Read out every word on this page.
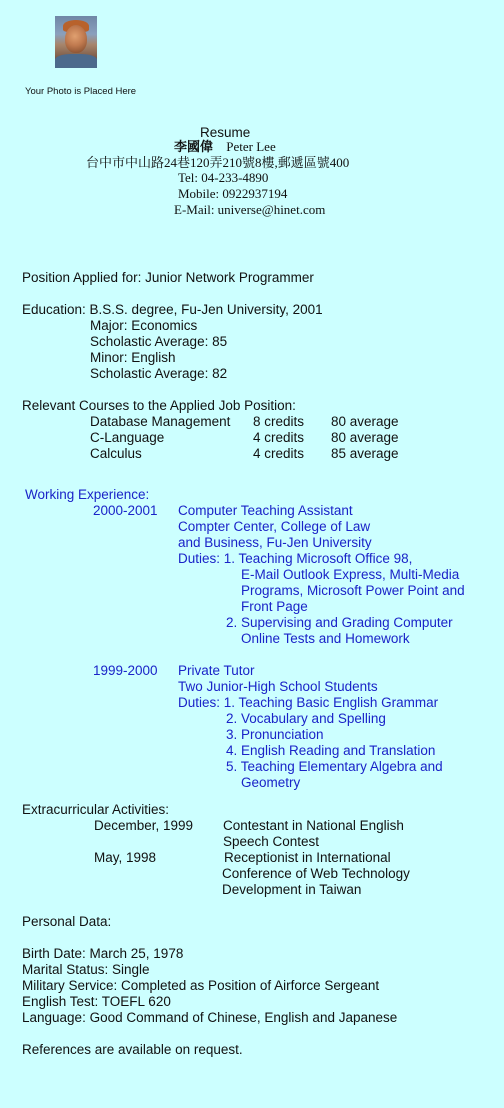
Your Photo is Placed Here
Resume
李國偉 Peter Lee
台中市中山路24巷120弄210號8樓,郵遞區號400
Tel: 04-233-4890
Mobile: 0922937194
E-Mail: universe@hinet.com
Position Applied for: Junior Network Programmer
Education: B.S.S. degree, Fu-Jen University, 2001
Major: Economics
Scholastic Average: 85
Minor: English
Scholastic Average: 82
Relevant Courses to the Applied Job Position:
Database Management 8 credits 80 average
C-Language	4 credits 80 average
Calculus	4 credits 85 average
Working Experience:
2000-2001 Computer Teaching Assistant
Compter Center, College of Law
and Business, Fu-Jen University
Duties: 1. Teaching Microsoft Office 98,
E-Mail Outlook Express, Multi-Media
Programs, Microsoft Power Point and
Front Page
2. Supervising and Grading Computer
Online Tests and Homework
1999-2000 Private Tutor
Two Junior-High School Students
Duties: 1. Teaching Basic English Grammar
2. Vocabulary and Spelling
3. Pronunciation
4. English Reading and Translation
5. Teaching Elementary Algebra and
Geometry
Extracurricular Activities:
December, 1999 Contestant in National English
Speech Contest
May, 1998	Receptionist in International
Conference of Web Technology
Development in Taiwan
Personal Data:
Birth Date: March 25, 1978
Marital Status: Single
Military Service: Completed as Position of Airforce Sergeant
English Test: TOEFL 620
Language: Good Command of Chinese, English and Japanese
References are available on request.
